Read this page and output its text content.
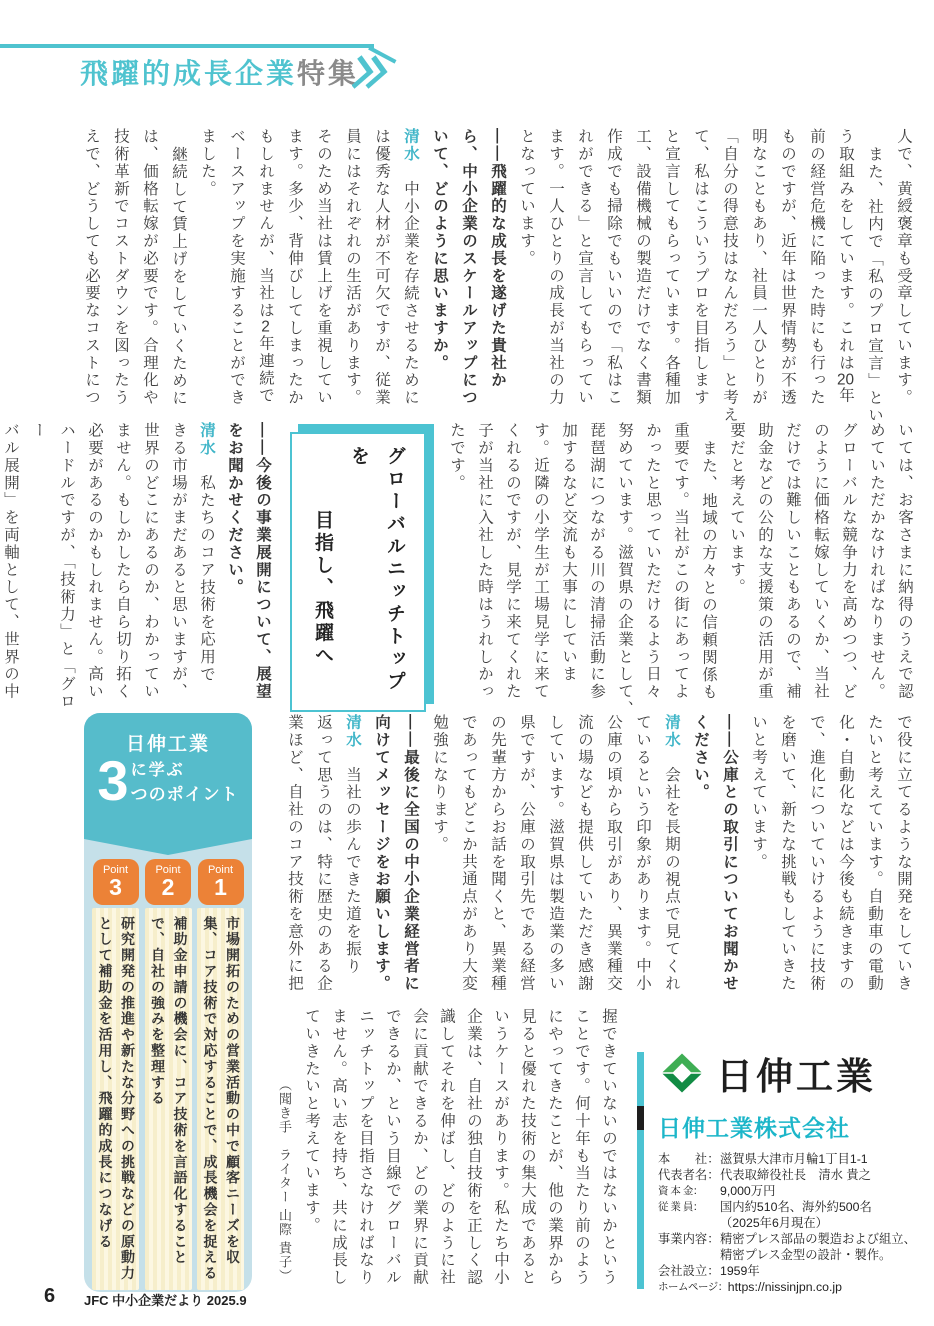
飛躍的成長企業特集

人で、黄綬褒章も受章しています。

また、社内で「私のプロ宣言」とい

う取組みをしています。これは20年

前の経営危機に陥った時にも行った

ものですが、近年は世界情勢が不透

明なこともあり、社員一人ひとりが

「自分の得意技はなんだろう」と考え

て、私はこういうプロを目指します

と宣言してもらっています。各種加

工、設備機械の製造だけでなく書類

作成でも掃除でもいいので「私はこ

れができる」と宣言してもらってい

ます。一人ひとりの成長が当社の力

となっています。

――飛躍的な成長を遂げた貴社か

ら、中小企業のスケールアップにつ

いて、どのように思いますか。

清水　中小企業を存続させるために

は優秀な人材が不可欠ですが、従業

員にはそれぞれの生活があります。

そのため当社は賃上げを重視してい

ます。多少、背伸びしてしまったか

もしれませんが、当社は2年連続で

ベースアップを実施することができ

ました。

継続して賃上げをしていくために

は、価格転嫁が必要です。合理化や

技術革新でコストダウンを図ったう

えで、どうしても必要なコストにつ

いては、お客さまに納得のうえで認

めていただかなければなりません。

グローバルな競争力を高めつつ、ど

のように価格転嫁していくか、当社

だけでは難しいこともあるので、補

助金などの公的な支援策の活用が重

要だと考えています。

また、地域の方々との信頼関係も

重要です。当社がこの街にあってよ

かったと思っていただけるよう日々

努めています。滋賀県の企業として、

琵琶湖につながる川の清掃活動に参

加するなど交流も大事にしていま

す。近隣の小学生が工場見学に来て

くれるのですが、見学に来てくれた

子が当社に入社した時はうれしかっ

たです。

グローバルニッチトップを

目指し、飛躍へ

――今後の事業展開について、展望

をお聞かせください。

清水　私たちのコア技術を応用で

きる市場がまだあると思いますが、

世界のどこにあるのか、わかってい

ません。もしかしたら自ら切り拓く

必要があるのかもしれません。高い

ハードルですが、「技術力」と「グロー

バル展開」を両軸として、世界の中

で役に立てるような開発をしていき

たいと考えています。自動車の電動

化・自動化などは今後も続きますの

で、進化についていけるように技術

を磨いて、新たな挑戦もしていきた

いと考えています。

――公庫との取引についてお聞かせ

ください。

清水　会社を長期の視点で見てくれ

ているという印象があります。中小

公庫の頃から取引があり、異業種交

流の場なども提供していただき感謝

しています。滋賀県は製造業の多い

県ですが、公庫の取引先である経営

の先輩方からお話を聞くと、異業種

であってもどこか共通点があり大変

勉強になります。

――最後に全国の中小企業経営者に

向けてメッセージをお願いします。

清水　当社の歩んできた道を振り

返って思うのは、特に歴史のある企

業ほど、自社のコア技術を意外に把

握できていないのではないかという

ことです。何十年も当たり前のよう

にやってきたことが、他の業界から

見ると優れた技術の集大成であると

いうケースがあります。私たち中小

企業は、自社の独自技術を正しく認

識してそれを伸ばし、どのように社

会に貢献できるか、どの業界に貢献

できるか、という目線でグローバル

ニッチトップを目指さなければなり

ません。高い志を持ち、共に成長し

ていきたいと考えています。

（聞き手　ライター 山際 貴子）

日伸工業
3 に学ぶ
つのポイント
Point
1
市場開拓のための営業活動の中で顧客ニーズを収集、コア技術で対応することで、成長機会を捉える
Point
2
補助金申請の機会に、コア技術を言語化することで、自社の強みを整理する
Point
3
研究開発の推進や新たな分野への挑戦などの原動力として補助金を活用し、飛躍的成長につなげる	日伸工業
日伸工業株式会社
本　　社： 滋賀県大津市月輪1丁目1-1
代表者名： 代表取締役社長　清水 貴之
資 本 金：	9,000万円
従 業 員：	国内約510名、海外約500名
（2025年6月現在）
事業内容： 精密プレス部品の製造および組立、精密プレス金型の設計・製作。
会社設立： 1959年
ホームページ： https://nissinjpn.co.jp
6 JFC 中小企業だより 2025.9
